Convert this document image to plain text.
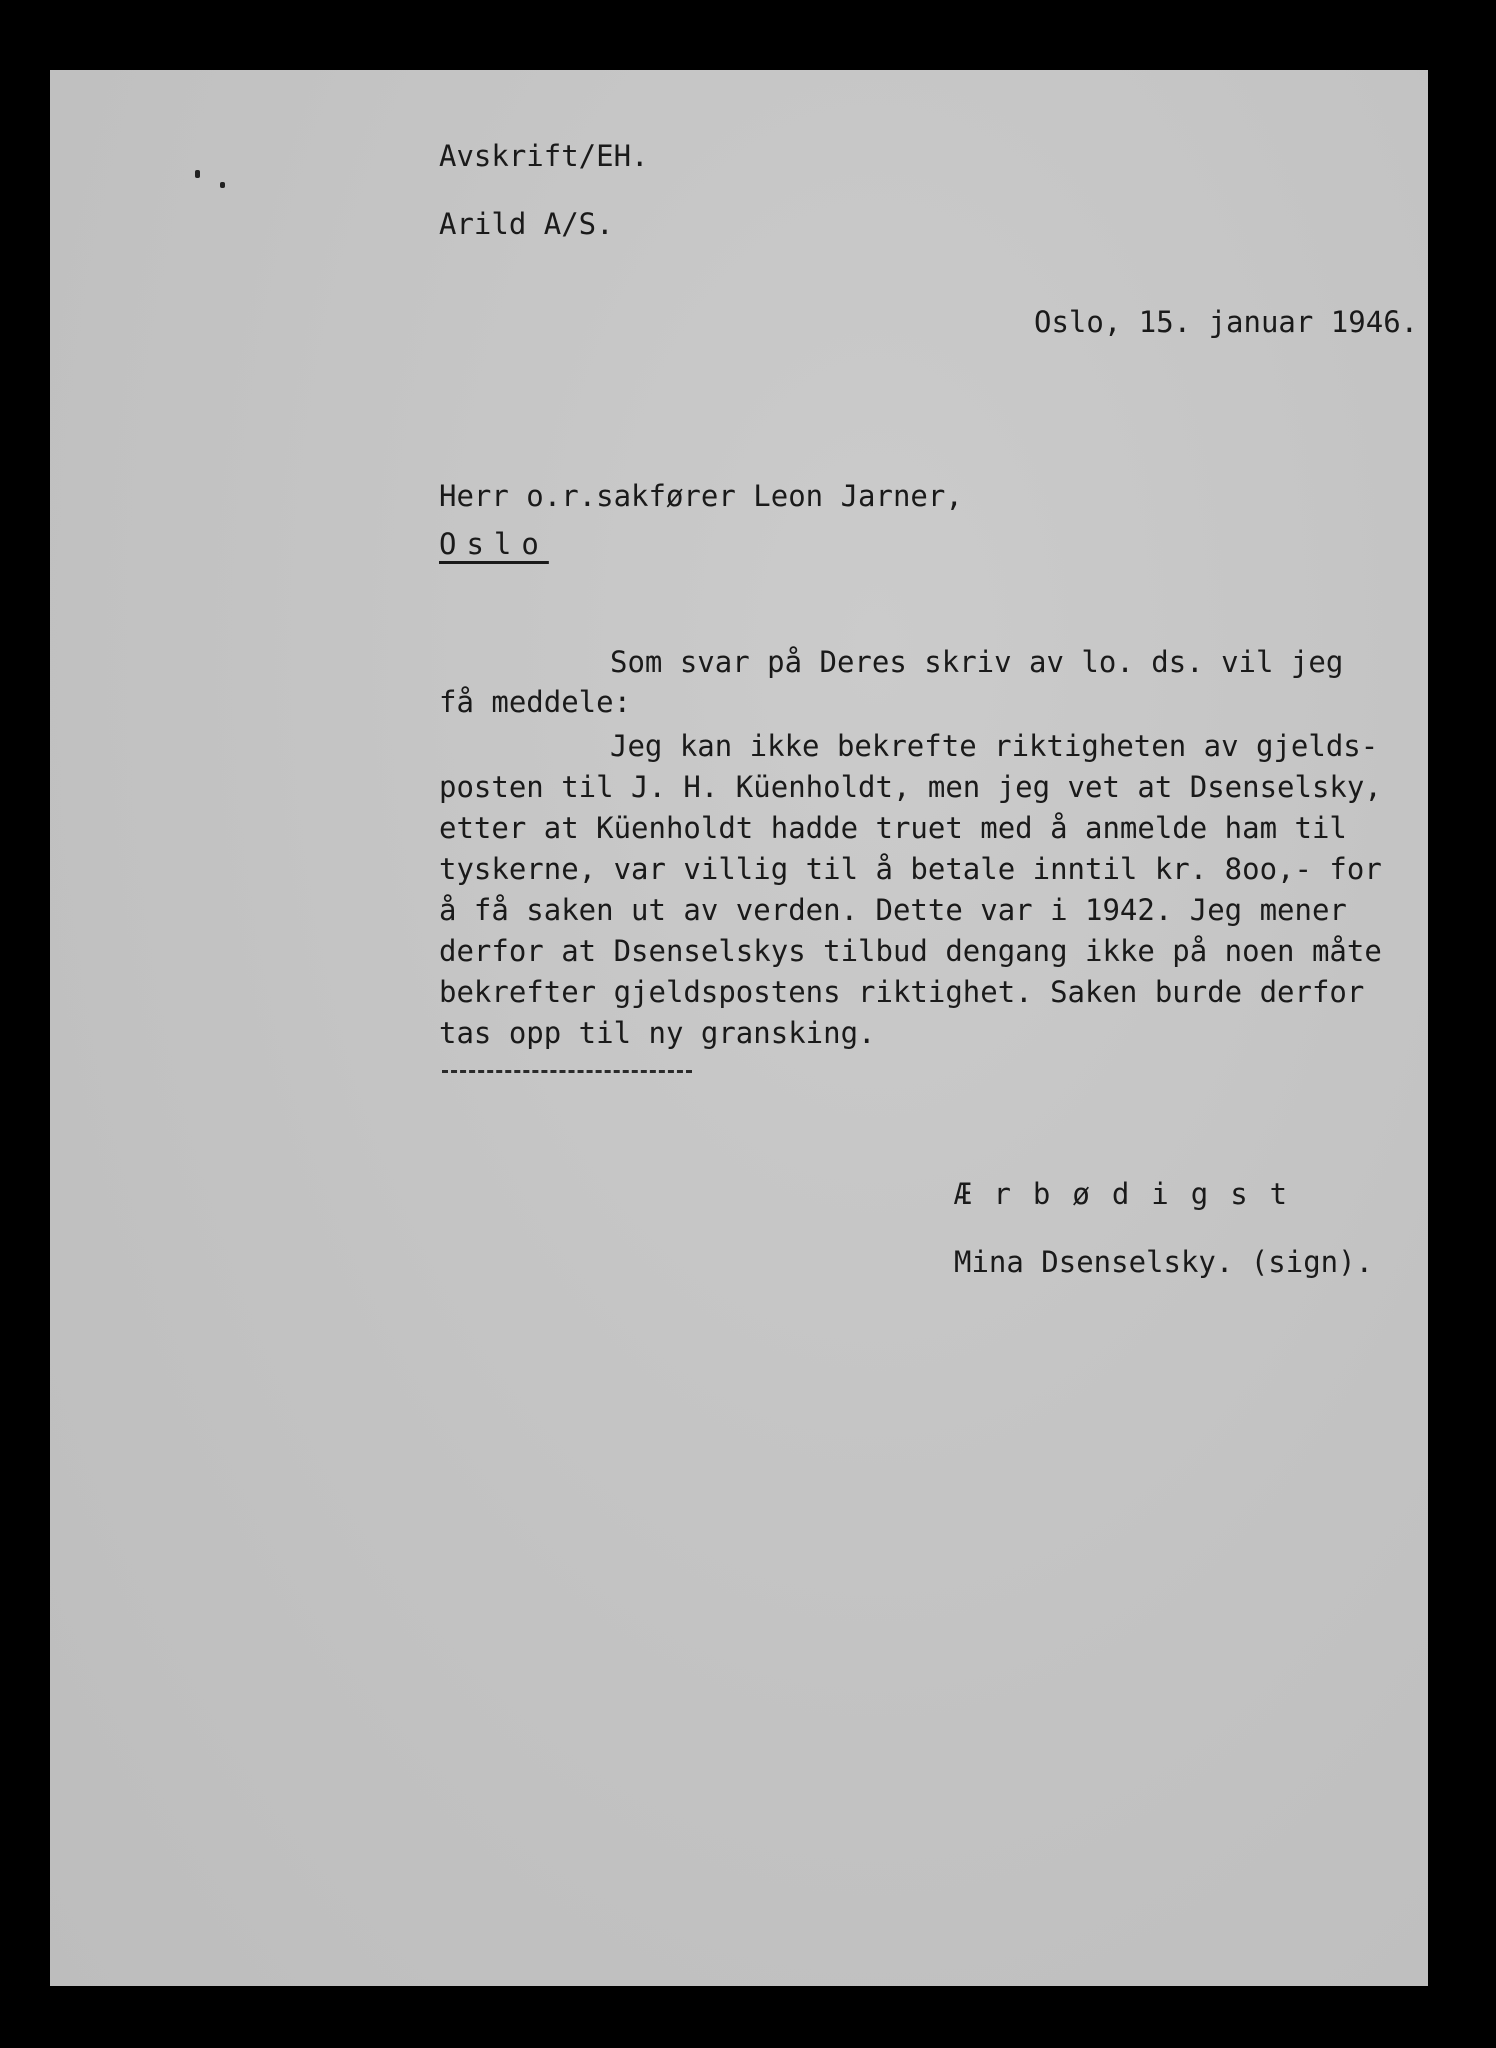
Avskrift/EH.
Arild A/S.
Oslo, 15. januar 1946.
Herr o.r.sakfører Leon Jarner,
Oslo
Som svar på Deres skriv av lo. ds. vil jeg
få meddele:
Jeg kan ikke bekrefte riktigheten av gjelds-
posten til J. H. Küenholdt, men jeg vet at Dsenselsky,
etter at Küenholdt hadde truet med å anmelde ham til
tyskerne, var villig til å betale inntil kr. 8oo,- for
å få saken ut av verden. Dette var i 1942. Jeg mener
derfor at Dsenselskys tilbud dengang ikke på noen måte
bekrefter gjeldspostens riktighet. Saken burde derfor
tas opp til ny gransking.
Ærbødigst
Mina Dsenselsky. (sign).
